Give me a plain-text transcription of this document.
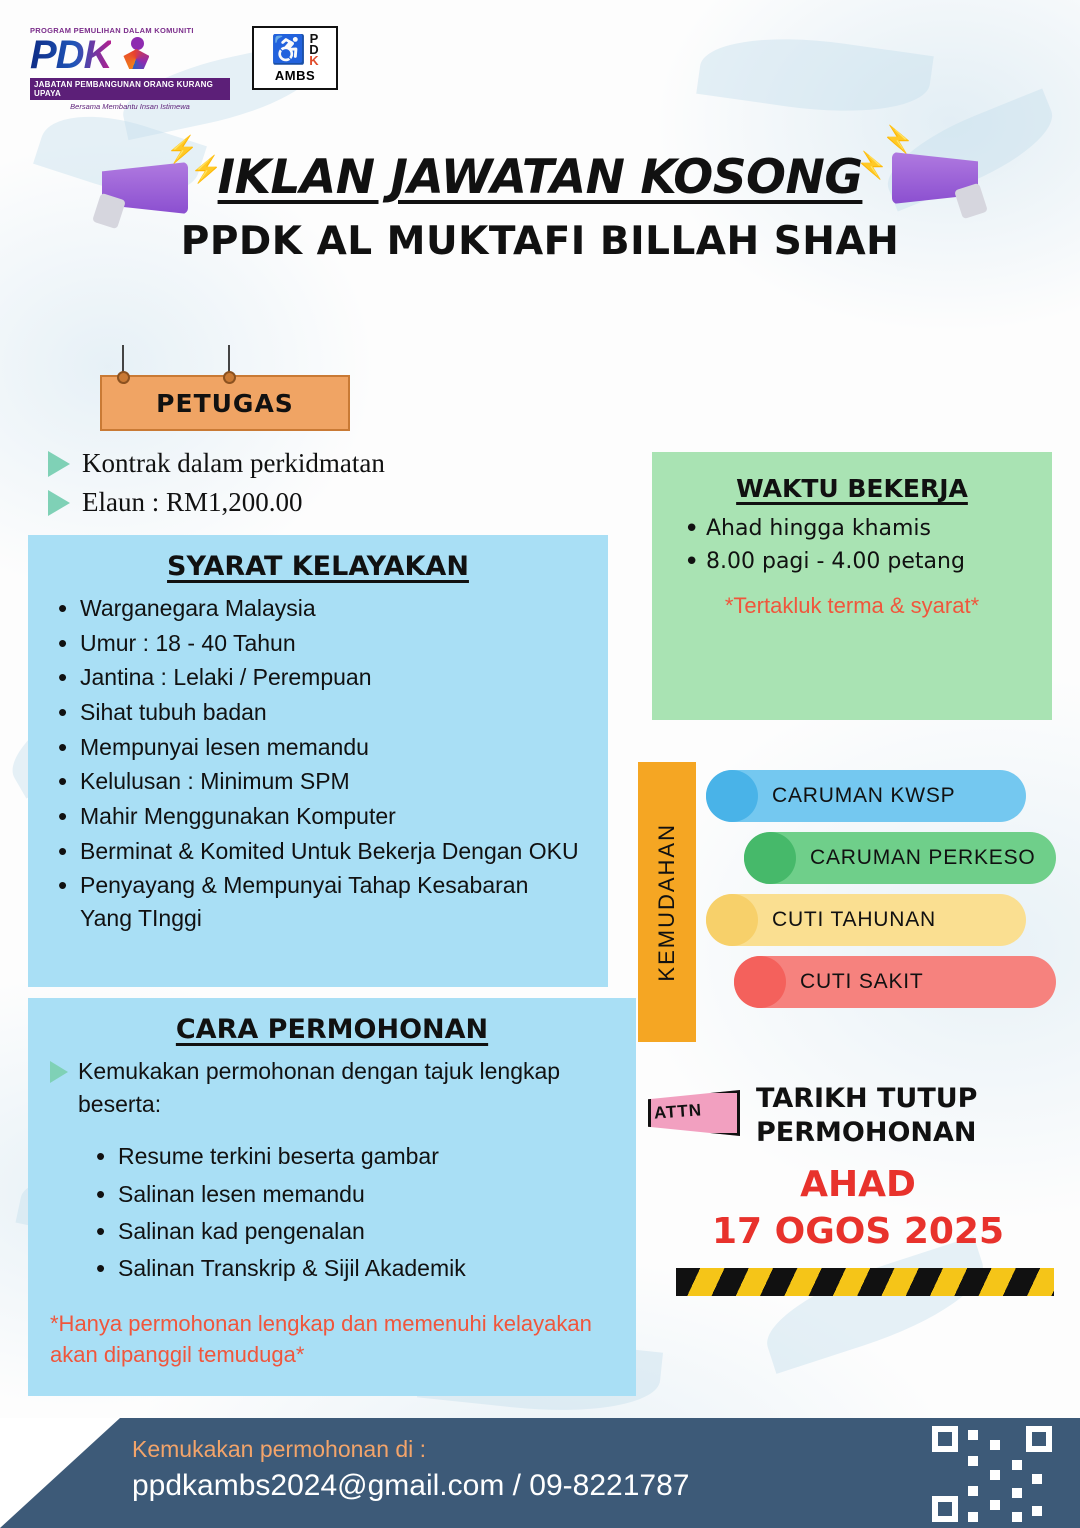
PROGRAM PEMULIHAN DALAM KOMUNITI
PDK
JABATAN PEMBANGUNAN ORANG KURANG UPAYA
Bersama Membantu Insan Istimewa
♿ P
D
K
AMBS
⚡
⚡
⚡
⚡
IKLAN JAWATAN KOSONG
PPDK AL MUKTAFI BILLAH SHAH
PETUGAS
Kontrak dalam perkidmatan
Elaun : RM1,200.00
SYARAT KELAYAKAN
• Warganegara Malaysia
• Umur : 18 - 40 Tahun
• Jantina : Lelaki / Perempuan
• Sihat tubuh badan
• Mempunyai lesen memandu
• Kelulusan : Minimum SPM
• Mahir Menggunakan Komputer
• Berminat & Komited Untuk Bekerja Dengan OKU
• Penyayang & Mempunyai Tahap Kesabaran Yang TInggi
WAKTU BEKERJA
• Ahad hingga khamis
• 8.00 pagi - 4.00 petang
*Tertakluk terma & syarat*
KEMUDAHAN
CARUMAN KWSP
CARUMAN PERKESO
CUTI TAHUNAN
CUTI SAKIT
CARA PERMOHONAN

Kemukakan permohonan dengan tajuk lengkap beserta:

• Resume terkini beserta gambar
• Salinan lesen memandu
• Salinan kad pengenalan
• Salinan Transkrip & Sijil Akademik
*Hanya permohonan lengkap dan memenuhi kelayakan akan dipanggil temuduga*
ATTN TARIKH TUTUP
PERMOHONAN
AHAD
17 OGOS 2025
Kemukakan permohonan di :
ppdkambs2024@gmail.com / 09-8221787
